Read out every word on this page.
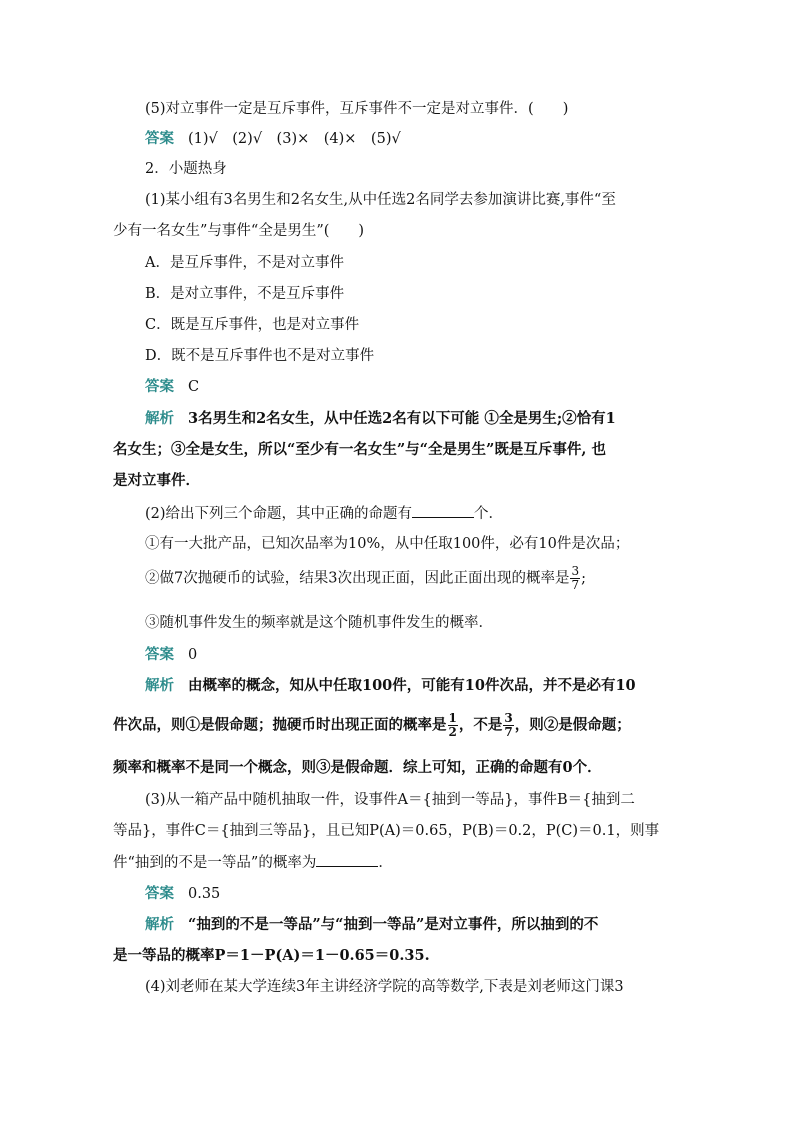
(5)对立事件一定是互斥事件，互斥事件不一定是对立事件．(　　)
答案 (1)√　(2)√　(3)×　(4)×　(5)√
2．小题热身
(1)某小组有3名男生和2名女生,从中任选2名同学去参加演讲比赛,事件“至
少有一名女生”与事件“全是男生”(　　)
A．是互斥事件，不是对立事件
B．是对立事件，不是互斥事件
C．既是互斥事件，也是对立事件
D．既不是互斥事件也不是对立事件
答案 C
解析 3名男生和2名女生，从中任选2名有以下可能 ①全是男生;②恰有1
名女生；③全是女生，所以“至少有一名女生”与“全是男生”既是互斥事件, 也
是对立事件．
(2)给出下列三个命题，其中正确的命题有	个．
①有一大批产品，已知次品率为10%，从中任取100件，必有10件是次品；
②做7次抛硬币的试验，结果3次出现正面，因此正面出现的概率是 $\frac{3}{7}$ ;
③随机事件发生的频率就是这个随机事件发生的概率．
答案 0
解析 由概率的概念，知从中任取100件，可能有10件次品，并不是必有10
件次品，则①是假命题；抛硬币时出现正面的概率是 $\frac{1}{2}$ ，不是 $\frac{3}{7}$ ，则②是假命题；
频率和概率不是同一个概念，则③是假命题．综上可知，正确的命题有0个．
(3)从一箱产品中随机抽取一件，设事件A＝{抽到一等品}，事件B＝{抽到二
等品}，事件C＝{抽到三等品}，且已知P(A)＝0.65，P(B)＝0.2，P(C)＝0.1，则事
件“抽到的不是一等品”的概率为	．
答案 0.35
解析 “抽到的不是一等品”与“抽到一等品”是对立事件，所以抽到的不
是一等品的概率P＝1－P(A)＝1－0.65＝0.35.
(4)刘老师在某大学连续3年主讲经济学院的高等数学,下表是刘老师这门课3
